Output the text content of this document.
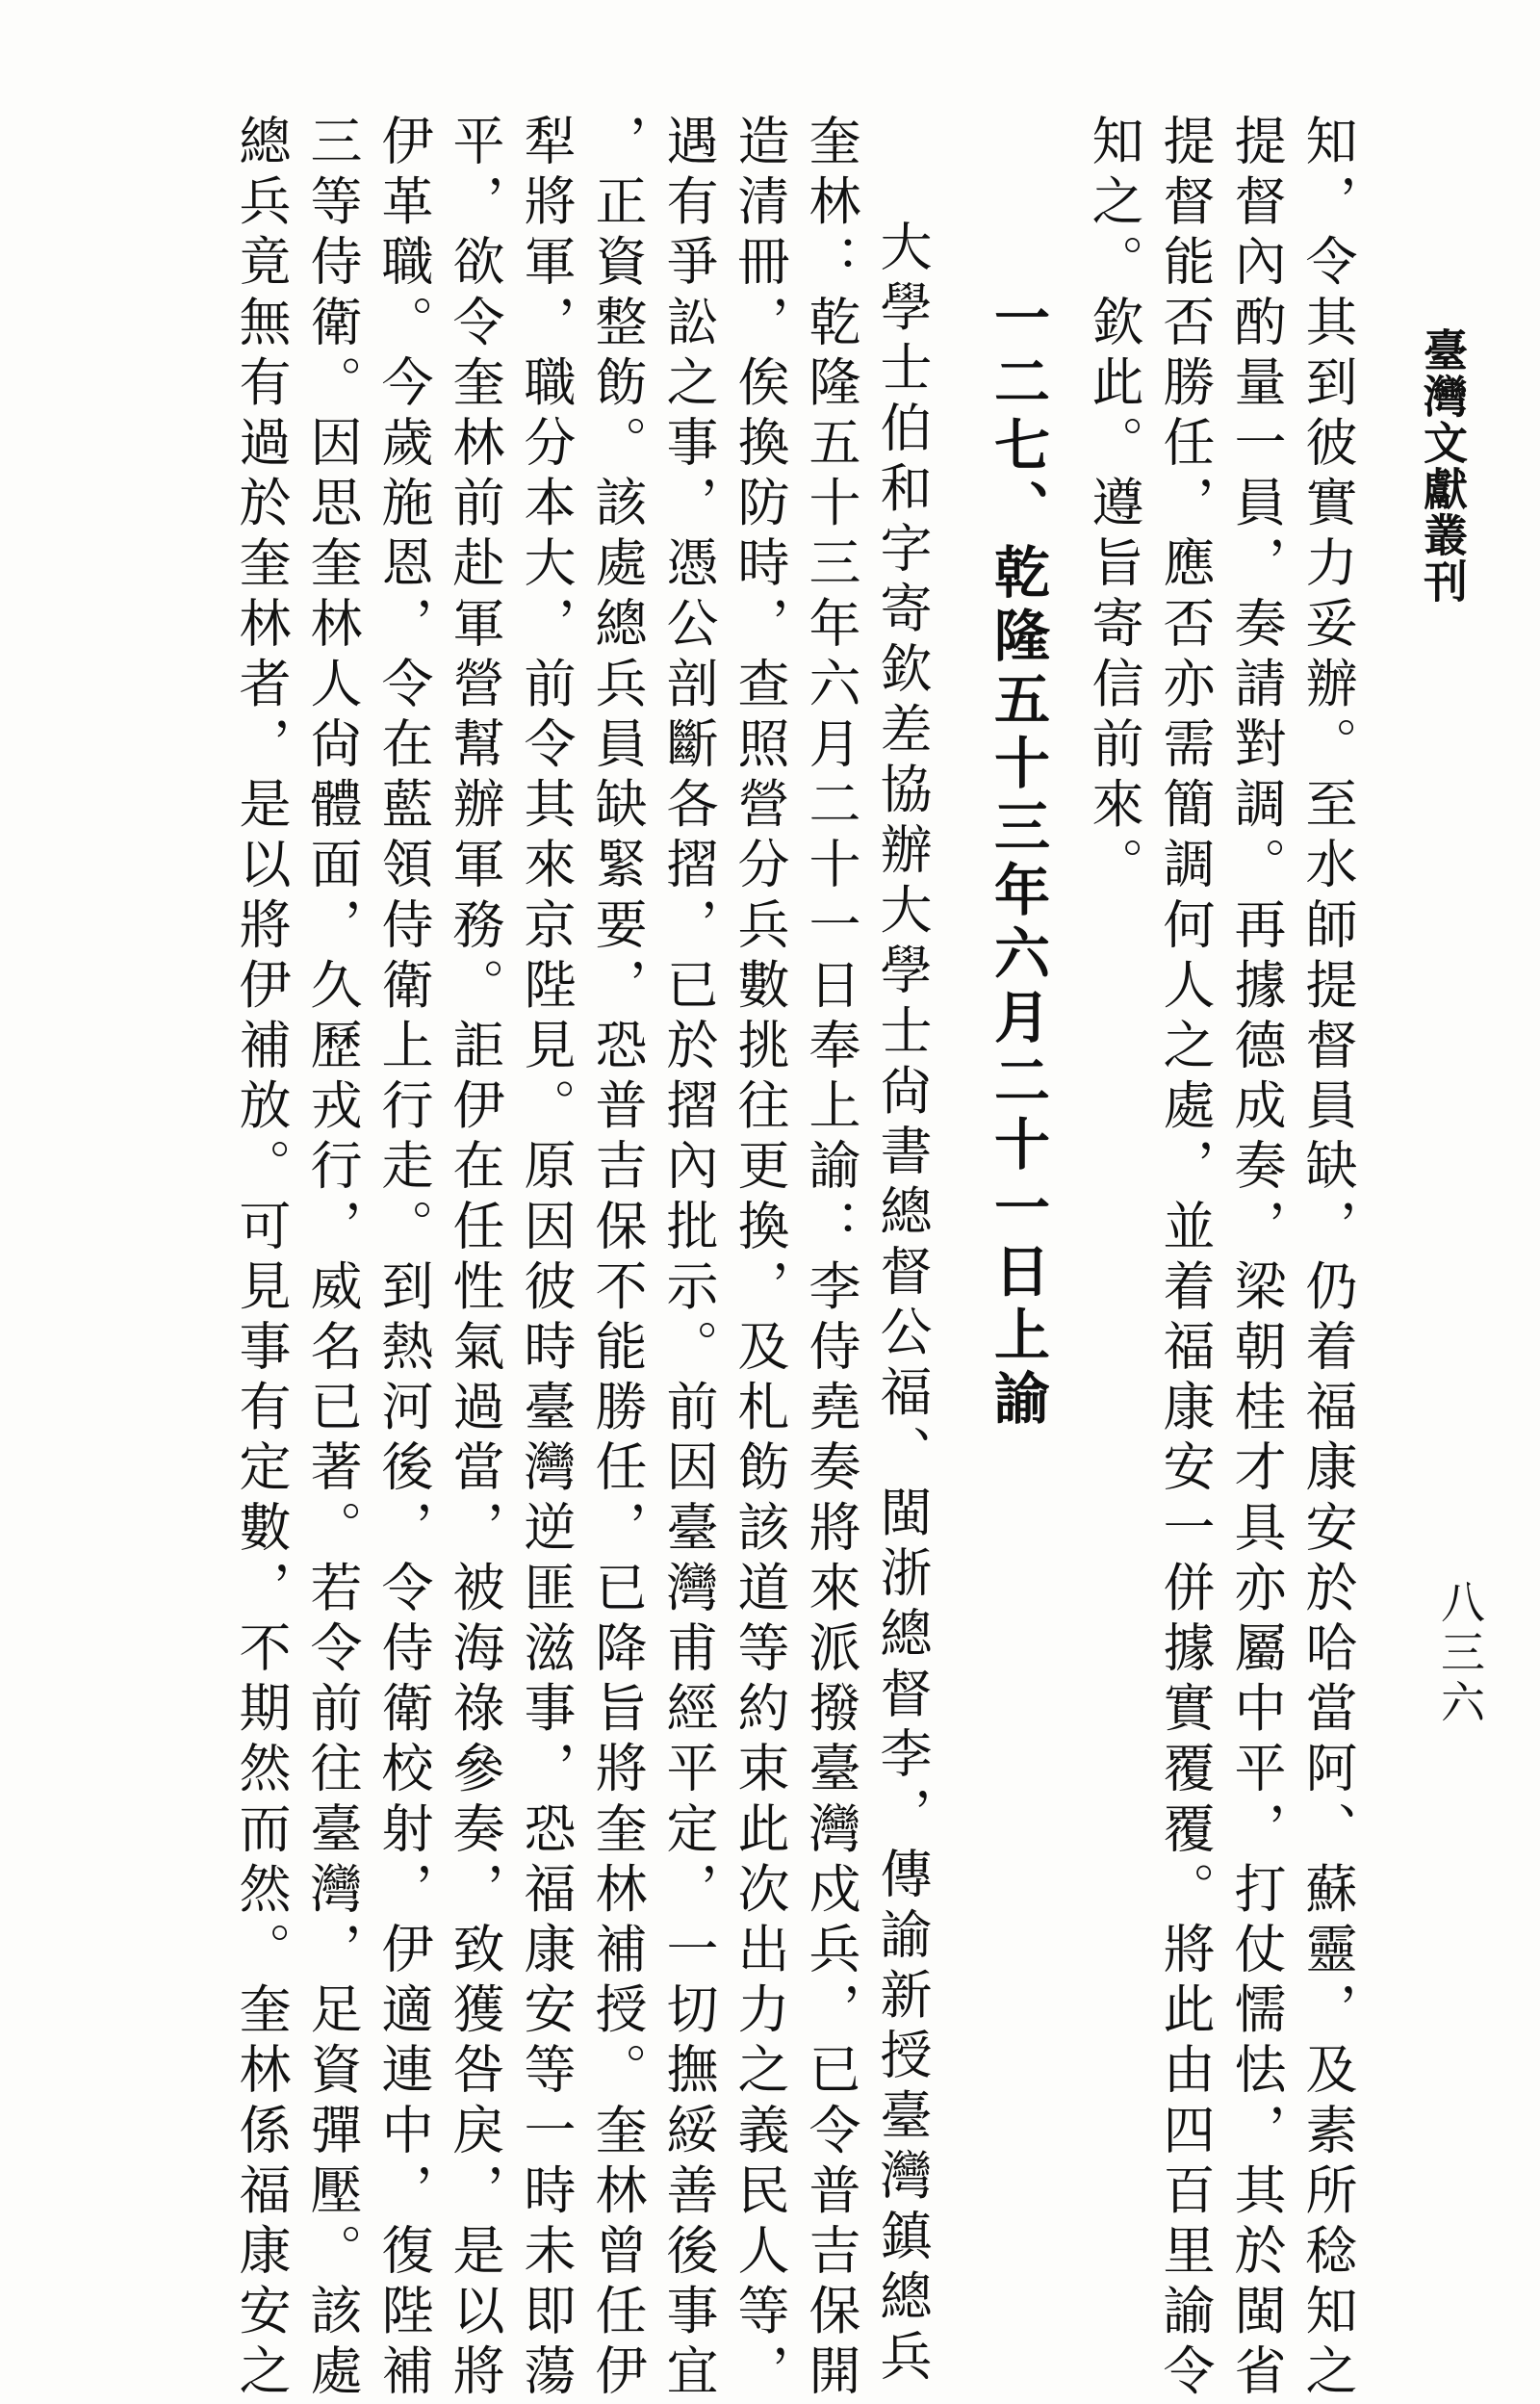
臺灣文獻叢刊
八三六
知，令其到彼實力妥辦。至水師提督員缺，仍着福康安於哈當阿、蘇靈，及素所稔知之
提督內酌量一員，奏請對調。再據德成奏，梁朝桂才具亦屬中平，打仗懦怯，其於閩省
提督能否勝任，應否亦需簡調何人之處，並着福康安一併據實覆覆。將此由四百里諭令
知之。欽此。遵旨寄信前來。
一二七、乾隆五十三年六月二十一日上諭
大學士伯和字寄欽差協辦大學士尙書總督公福、閩浙總督李，傳諭新授臺灣鎮總兵
奎林：乾隆五十三年六月二十一日奉上諭：李侍堯奏將來派撥臺灣戍兵，已令普吉保開
造清冊，俟換防時，查照營分兵數挑往更換，及札飭該道等約束此次出力之義民人等，
遇有爭訟之事，憑公剖斷各摺，已於摺內批示。前因臺灣甫經平定，一切撫綏善後事宜
，正資整飭。該處總兵員缺緊要，恐普吉保不能勝任，已降旨將奎林補授。奎林曾任伊
犁將軍，職分本大，前令其來京陛見。原因彼時臺灣逆匪滋事，恐福康安等一時未即蕩
平，欲令奎林前赴軍營幫辦軍務。詎伊在任性氣過當，被海祿參奏，致獲咎戾，是以將
伊革職。今歲施恩，令在藍領侍衛上行走。到熱河後，令侍衛校射，伊適連中，復陛補
三等侍衛。因思奎林人尙體面，久歷戎行，威名已著。若令前往臺灣，足資彈壓。該處
總兵竟無有過於奎林者，是以將伊補放。可見事有定數，不期然而然。奎林係福康安之
